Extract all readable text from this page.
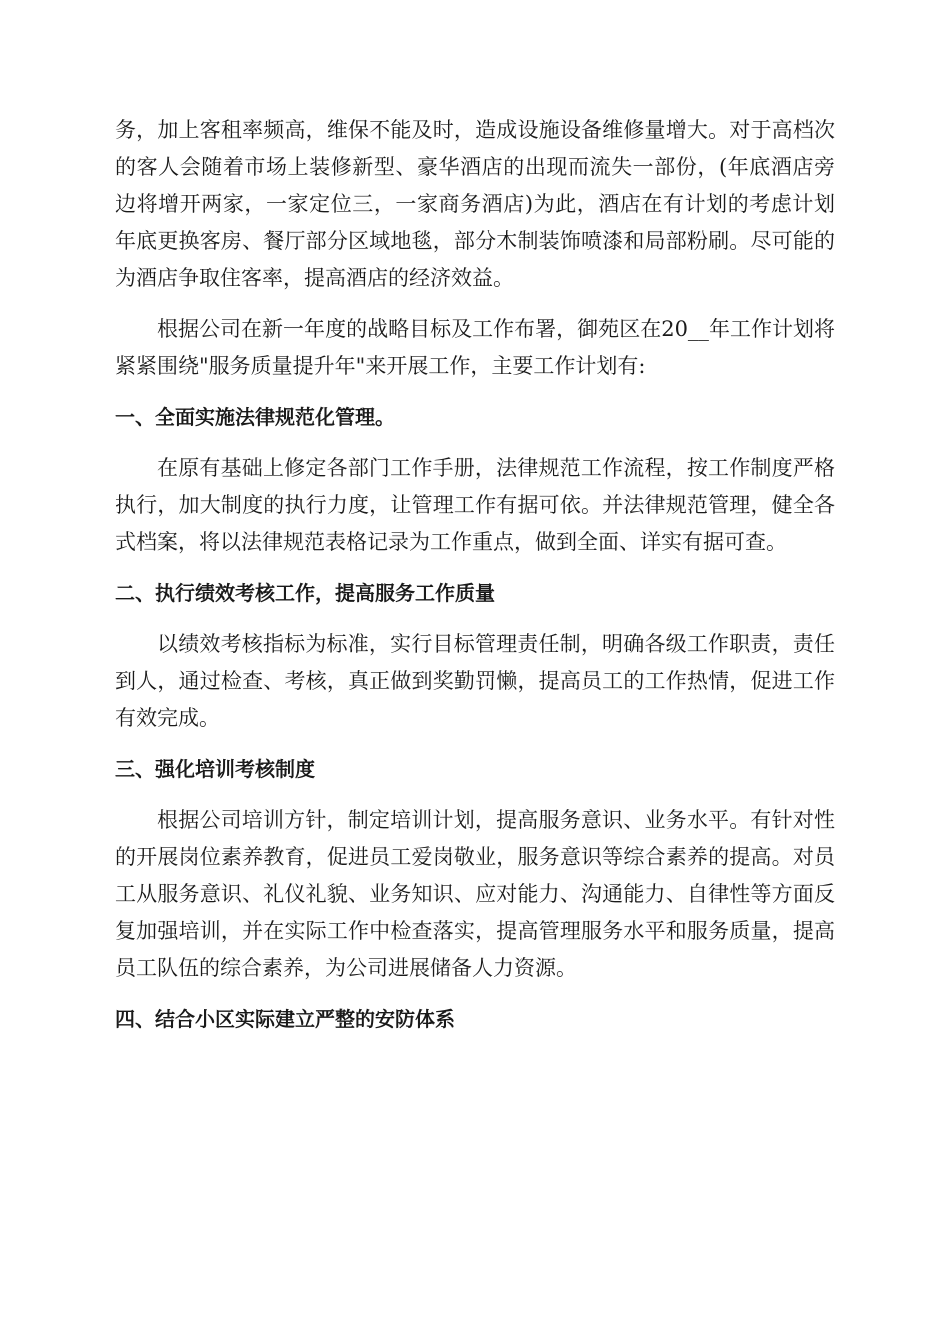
务，加上客租率频高，维保不能及时，造成设施设备维修量增大。对于高档次的客人会随着市场上装修新型、豪华酒店的出现而流失一部份，(年底酒店旁边将增开两家，一家定位三，一家商务酒店)为此，酒店在有计划的考虑计划年底更换客房、餐厅部分区域地毯，部分木制装饰喷漆和局部粉刷。尽可能的为酒店争取住客率，提高酒店的经济效益。

根据公司在新一年度的战略目标及工作布署，御苑区在20__年工作计划将紧紧围绕"服务质量提升年"来开展工作，主要工作计划有:

一、全面实施法律规范化管理。

在原有基础上修定各部门工作手册，法律规范工作流程，按工作制度严格执行，加大制度的执行力度，让管理工作有据可依。并法律规范管理，健全各式档案，将以法律规范表格记录为工作重点，做到全面、详实有据可查。

二、执行绩效考核工作，提高服务工作质量

以绩效考核指标为标准，实行目标管理责任制，明确各级工作职责，责任到人，通过检查、考核，真正做到奖勤罚懒，提高员工的工作热情，促进工作有效完成。

三、强化培训考核制度

根据公司培训方针，制定培训计划，提高服务意识、业务水平。有针对性的开展岗位素养教育，促进员工爱岗敬业，服务意识等综合素养的提高。对员工从服务意识、礼仪礼貌、业务知识、应对能力、沟通能力、自律性等方面反复加强培训，并在实际工作中检查落实，提高管理服务水平和服务质量，提高员工队伍的综合素养，为公司进展储备人力资源。

四、结合小区实际建立严整的安防体系
